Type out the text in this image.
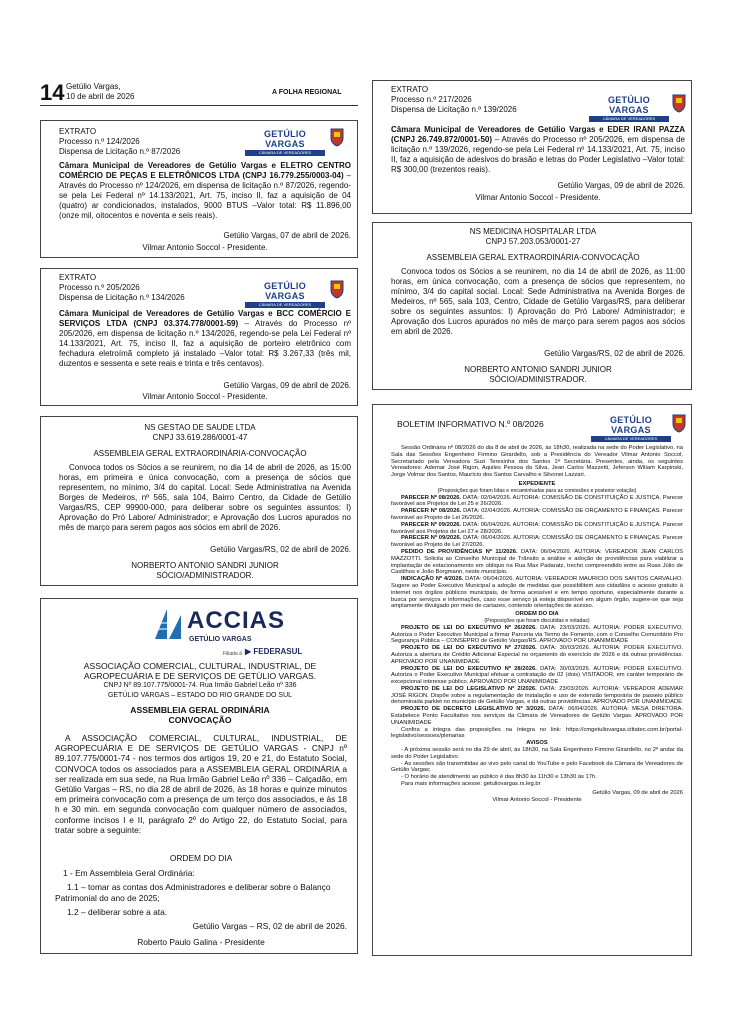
14 Getúlio Vargas,
10 de abril de 2026	A FOLHA REGIONAL
GETÚLIO VARGAS
CÂMARA DE VEREADORES

EXTRATO

Processo n.º 124/2026

Dispensa de Licitação n.º 87/2026

Câmara Municipal de Vereadores de Getúlio Vargas e ELETRO CENTRO COMÉRCIO DE PEÇAS E ELETRÔNICOS LTDA (CNPJ 16.779.255/0003-04) – Através do Processo nº 124/2026, em dispensa de licitação n.º 87/2026, regendo-se pela Lei Federal nº 14.133/2021, Art. 75, inciso II, faz a aquisição de 04 (quatro) ar condicionados, instalados, 9000 BTUS –Valor total: R$ 11.896,00 (onze mil, oitocentos e noventa e seis reais).
Getúlio Vargas, 07 de abril de 2026.
Vilmar Antonio Soccol - Presidente.
GETÚLIO VARGAS
CÂMARA DE VEREADORES

EXTRATO

Processo n.º 205/2026

Dispensa de Licitação n.º 134/2026

Câmara Municipal de Vereadores de Getúlio Vargas e BCC COMÉRCIO E SERVIÇOS LTDA (CNPJ 03.374.778/0001-59) – Através do Processo nº 205/2026, em dispensa de licitação n.º 134/2026, regendo-se pela Lei Federal nº 14.133/2021, Art. 75, inciso II, faz a aquisição de porteiro eletrônico com fechadura eletroímã completo já instalado –Valor total: R$ 3.267,33 (três mil, duzentos e sessenta e sete reais e trinta e três centavos).
Getúlio Vargas, 09 de abril de 2026.
Vilmar Antonio Soccol - Presidente.

NS GESTAO DE SAUDE LTDA

CNPJ 33.619.286/0001-47

ASSEMBLEIA GERAL EXTRAORDINÁRIA-CONVOCAÇÃO

Convoca todos os Sócios a se reunirem, no dia 14 de abril de 2026, as 15:00 horas, em primeira e única convocação, com a presença de sócios que representem, no mínimo, 3/4 do capital. Local: Sede Administrativa na Avenida Borges de Medeiros, nº 565, sala 104, Bairro Centro, da Cidade de Getúlio Vargas/RS, CEP 99900-000, para deliberar sobre os seguintes assuntos: I) Aprovação do Pró Labore/ Administrador; e Aprovação dos Lucros apurados no mês de março para serem pagos aos sócios em abril de 2026.
Getúlio Vargas/RS, 02 de abril de 2026.

NORBERTO ANTONIO SANDRI JUNIOR

SÓCIO/ADMINISTRADOR.

ACCIAS
GETÚLIO VARGAS
Filiada à ▶ FEDERASUL

ASSOCIAÇÃO COMERCIAL, CULTURAL, INDUSTRIAL, DE

AGROPECUÁRIA E DE SERVIÇOS DE GETÚLIO VARGAS.

CNPJ Nº 89.107.775/0001-74. Rua Irmão Gabriel Leão nº 336

GETÚLIO VARGAS – ESTADO DO RIO GRANDE DO SUL

ASSEMBLEIA GERAL ORDINÁRIA

CONVOCAÇÃO

A ASSOCIAÇÃO COMERCIAL, CULTURAL, INDUSTRIAL, DE AGROPECUÁRIA E DE SERVIÇOS DE GETÚLIO VARGAS - CNPJ nº 89.107.775/0001-74 - nos termos dos artigos 19, 20 e 21, do Estatuto Social, CONVOCA todos os associados para a ASSEMBLEIA GERAL ORDINÁRIA a ser realizada em sua sede, na Rua Irmão Gabriel Leão nº 336 – Calçadão, em Getúlio Vargas – RS, no dia 28 de abril de 2026, às 18 horas e quinze minutos em primeira convocação com a presença de um terço dos associados, e às 18 h e 30 min. em segunda convocação com qualquer número de associados, conforme incisos I e II, parágrafo 2º do Artigo 22, do Estatuto Social, para tratar sobre a seguinte:

ORDEM DO DIA

1 - Em Assembleia Geral Ordinária:

1.1 – tomar as contas dos Administradores e deliberar sobre o Balanço Patrimonial do ano de 2025;

1.2 – deliberar sobre a ata.

Getúlio Vargas – RS, 02 de abril de 2026.
Roberto Paulo Galina - Presidente
GETÚLIO VARGAS
CÂMARA DE VEREADORES

EXTRATO

Processo n.º 217/2026

Dispensa de Licitação n.º 139/2026

Câmara Municipal de Vereadores de Getúlio Vargas e EDER IRANI PAZZA (CNPJ 26.749.872/0001-50) – Através do Processo nº 205/2026, em dispensa de licitação n.º 139/2026, regendo-se pela Lei Federal nº 14.133/2021, Art. 75, inciso II, faz a aquisição de adesivos do brasão e letras do Poder Legislativo –Valor total: R$ 300,00 (trezentos reais).
Getúlio Vargas, 09 de abril de 2026.
Vilmar Antonio Soccol - Presidente.

NS MEDICINA HOSPITALAR LTDA

CNPJ 57.203.053/0001-27

ASSEMBLEIA GERAL EXTRAORDINÁRIA-CONVOCAÇÃO

Convoca todos os Sócios a se reunirem, no dia 14 de abril de 2026, as 11:00 horas, em única convocação, com a presença de sócios que representem, no mínimo, 3/4 do capital social. Local: Sede Administrativa na Avenida Borges de Medeiros, nº 565, sala 103, Centro, Cidade de Getúlio Vargas/RS, para deliberar sobre os seguintes assuntos: I) Aprovação do Pró Labore/ Administrador; e Aprovação dos Lucros apurados no mês de março para serem pagos aos sócios em abril de 2026.
Getúlio Vargas/RS, 02 de abril de 2026.

NORBERTO ANTONIO SANDRI JUNIOR

SÓCIO/ADMINISTRADOR.

BOLETIM INFORMATIVO N.º 08/2026	GETÚLIO VARGAS
CÂMARA DE VEREADORES

Sessão Ordinária nº 08/2026 do dia 8 de abril de 2026, às 18h30, realizada na sede do Poder Legislativo, na Sala das Sessões Engenheiro Firmino Girardello, sob a Presidência do Vereador Vilmar Antonio Soccol, Secretariado pela Vereadora Suzi Teresinha dos Santos 1ª Secretária. Presentes, ainda, os seguintes Vereadores: Ademar José Rigon, Aquiles Pessoa da Silva, Jean Carlos Mazzetti, Jeferson Wiliam Karpinski, Jorge Volmar dos Santos, Maurício dos Santos Carvalho e Silvonei Lazzari.

EXPEDIENTE

(Proposições que foram lidas e encaminhadas para as comissões e posterior votação)

PARECER Nº 08/2026. DATA: 02/04/2026. AUTORIA: COMISSÃO DE CONSTITUIÇÃO E JUSTIÇA. Parecer favorável aos Projetos de Lei 25 e 26/2026.

PARECER Nº 08/2026. DATA: 02/04/2026. AUTORIA: COMISSÃO DE ORÇAMENTO E FINANÇAS. Parecer favorável ao Projeto de Lei 26/2026.

PARECER Nº 09/2026. DATA: 06/04/2026. AUTORIA: COMISSÃO DE CONSTITUIÇÃO E JUSTIÇA. Parecer favorável aos Projetos de Lei 27 e 28/2026.

PARECER Nº 09/2026. DATA: 06/04/2026. AUTORIA: COMISSÃO DE ORÇAMENTO E FINANÇAS. Parecer favorável ao Projeto de Lei 27/2026.

PEDIDO DE PROVIDÊNCIAS Nº 11/2026. DATA: 06/04/2026. AUTORIA: VEREADOR JEAN CARLOS MAZZOTTI. Solicita ao Conselho Municipal de Trânsito a análise e adoção de providências para viabilizar a implantação de estacionamento em obliquo na Rua Max Padaratz, trecho compreendido entre as Ruas Júlio de Castilhos e João Borgmann, neste município.

INDICAÇÃO Nº 4/2026. DATA: 06/04/2026. AUTORIA: VEREADOR MAURICIO DOS SANTOS CARVALHO. Sugere ao Poder Executivo Municipal a adoção de medidas que possibilitem aos cidadãos o acesso gratuito à internet nos órgãos públicos municipais, de forma acessível e em tempo oportuno, especialmente durante a busca por serviços e informações, caso esse serviço já esteja disponível em algum órgão, sugere-se que seja amplamente divulgado por meio de cartazes, contendo orientações de acesso.

ORDEM DO DIA

(Proposições que foram discutidas e votadas)

PROJETO DE LEI DO EXECUTIVO Nº 26/2026. DATA: 23/03/2026. AUTORIA: PODER EXECUTIVO. Autoriza o Poder Executivo Municipal a firmar Parceria via Termo de Fomento, com o Conselho Comunitário Pro Segurança Pública – CONSEPRO de Getúlio Vargas/RS. APROVADO POR UNANIMIDADE

PROJETO DE LEI DO EXECUTIVO Nº 27/2026. DATA: 30/03/2026. AUTORIA: PODER EXECUTIVO. Autoriza a abertura de Crédito Adicional Especial no orçamento do exercício de 2026 e dá outras providências. APROVADO POR UNANIMIDADE

PROJETO DE LEI DO EXECUTIVO Nº 28/2026. DATA: 30/03/2026. AUTORIA: PODER EXECUTIVO. Autoriza o Poder Executivo Municipal efetuar a contratação de 02 (dois) VISITADOR, em caráter temporário de excepcional interesse público. APROVADO POR UNANIMIDADE

PROJETO DE LEI DO LEGISLATIVO Nº 2/2026. DATA: 23/03/2026. AUTORIA: VEREADOR ADEMAR JOSÉ RIGON. Dispõe sobre a regulamentação de instalação e uso de extensão temporária de passeio público denominada parklet no município de Getúlio Vargas, e dá outras providências. APROVADO POR UNANIMIDADE

PROJETO DE DECRETO LEGISLATIVO Nº 3/2026. DATA: 06/04/2026. AUTORIA: MESA DIRETORA. Estabelece Ponto Facultativo nos serviços da Câmara de Vereadores de Getúlio Vargas. APROVADO POR UNANIMIDADE

Confira a íntegra das proposições na íntegra no link: https://cmgetuliovargas.cittatec.com.br/portal-legislativo/sessoes/plenarias

AVISOS

- A próxima sessão será no dia 29 de abril, às 18h30, na Sala Engenheiro Firmino Girardello, no 2º andar da sede do Poder Legislativo.

- As sessões são transmitidas ao vivo pelo canal do YouTube e pelo Facebook da Câmara de Vereadores de Getúlio Vargas;

- O horário de atendimento ao público é das 8h30 às 11h30 e 13h30 às 17h.

Para mais informações acesse: getuliovargas.rs.leg.br

Getúlio Vargas, 09 de abril de 2026

Vilmar Antonio Soccol - Presidente
